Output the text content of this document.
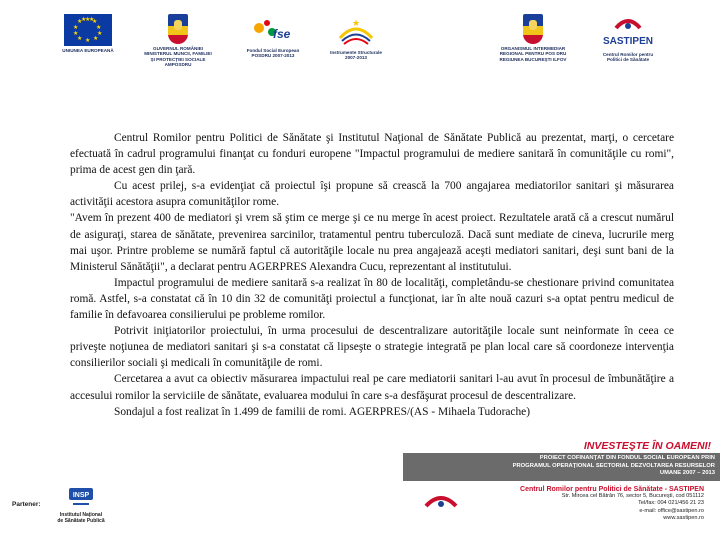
★ ★
★
★
★
★
★
★
★
★ ★
★
UNIUNEA EUROPEANĂ	GUVERNUL ROMÂNIEI
MINISTERUL MUNCII, FAMILIEI
ȘI PROTECȚIEI SOCIALE
AMPOSDRU
fse
Fondul Social European
POSDRU 2007-2013
★
Instrumente Structurale
2007-2013
ORGANISMUL INTERMEDIAR
REGIONAL PENTRU POS DRU
REGIUNEA BUCUREȘTI ILFOV
SASTIPEN
Centrul Romilor pentru
Politici de Sănătate

Centrul Romilor pentru Politici de Sănătate şi Institutul Naţional de Sănătate Publică au prezentat, marţi, o cercetare efectuată în cadrul programului finanţat cu fonduri europene "Impactul programului de mediere sanitară în comunităţile cu romi", prima de acest gen din ţară.

Cu acest prilej, s-a evidenţiat că proiectul îşi propune să crească la 700 angajarea mediatorilor sanitari şi măsurarea activităţii acestora asupra comunităţilor rome.

"Avem în prezent 400 de mediatori şi vrem să ştim ce merge şi ce nu merge în acest proiect. Rezultatele arată că a crescut numărul de asiguraţi, starea de sănătate, prevenirea sarcinilor, tratamentul pentru tuberculoză. Dacă sunt mediate de cineva, lucrurile merg mai uşor. Printre probleme se numără faptul că autorităţile locale nu prea angajează aceşti mediatori sanitari, deşi sunt bani de la Ministerul Sănătăţii", a declarat pentru AGERPRES Alexandra Cucu, reprezentant al institutului.

Impactul programului de mediere sanitară s-a realizat în 80 de localităţi, completându-se chestionare privind comunitatea romă. Astfel, s-a constatat că în 10 din 32 de comunităţi proiectul a funcţionat, iar în alte nouă cazuri s-a optat pentru medicul de familie în defavoarea consilierului pe probleme romilor.

Potrivit iniţiatorilor proiectului, în urma procesului de descentralizare autorităţile locale sunt neinformate în ceea ce priveşte noţiunea de mediatori sanitari şi s-a constatat că lipseşte o strategie integrată pe plan local care să coordoneze intervenţia consilierilor sociali şi medicali în comunităţile de romi.

Cercetarea a avut ca obiectiv măsurarea impactului real pe care mediatorii sanitari l-au avut în procesul de îmbunătăţire a accesului romilor la serviciile de sănătate, evaluarea modului în care s-a desfăşurat procesul de descentralizare.

Sondajul a fost realizat în 1.499 de familii de romi. AGERPRES/(AS - Mihaela Tudorache)

INVESTEŞTE ÎN OAMENI!
PROIECT COFINANŢAT DIN FONDUL SOCIAL EUROPEAN PRIN
PROGRAMUL OPERAŢIONAL SECTORIAL DEZVOLTAREA RESURSELOR UMANE 2007 – 2013
Partener:
INSP
Institutul Naţional
de Sănătate Publică
Centrul Romilor pentru Politici de Sănătate - SASTIPEN
Str. Mircea cel Bătrân 76, sector 5, Bucureşti, cod 051112
Tel/fax: 004 021/456 21 23
e-mail: office@sastipen.ro
www.sastipen.ro
